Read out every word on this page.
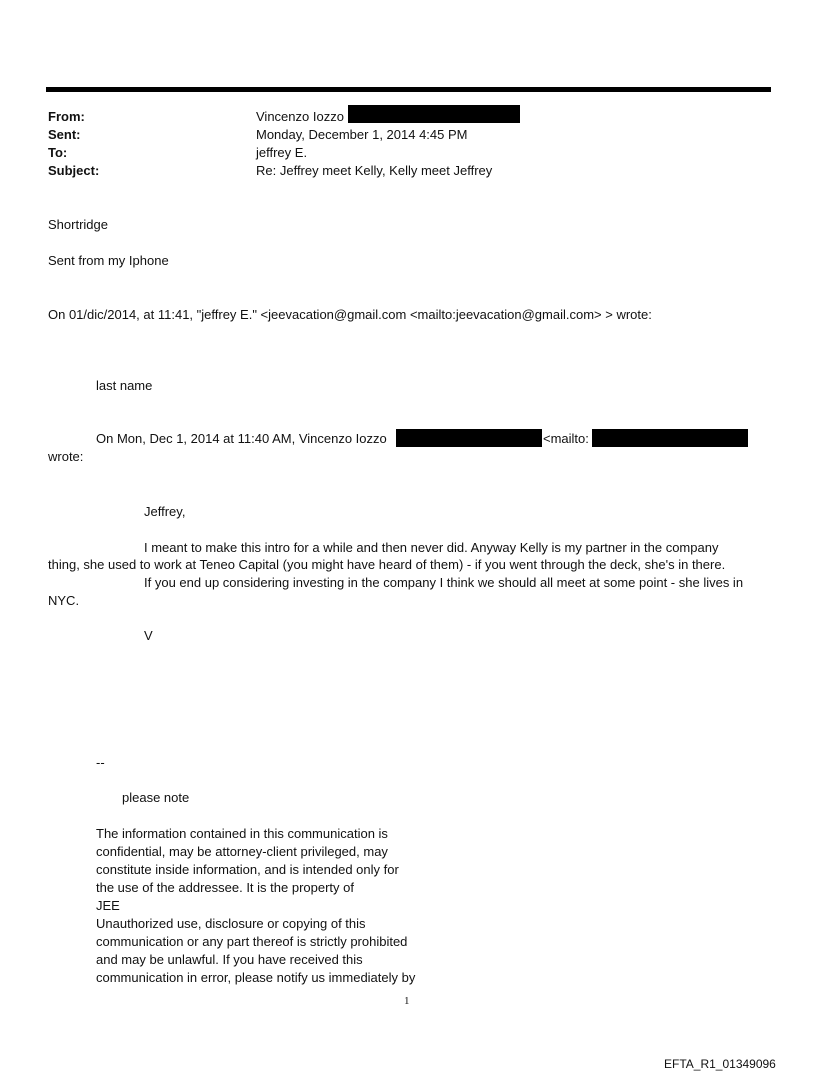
From:	Vincenzo Iozzo
Sent:	Monday, December 1, 2014 4:45 PM
To:	jeffrey E.
Subject:	Re: Jeffrey meet Kelly, Kelly meet Jeffrey
Shortridge
Sent from my Iphone
On 01/dic/2014, at 11:41, "jeffrey E." <jeevacation@gmail.com <mailto:jeevacation@gmail.com> > wrote:
last name
On Mon, Dec 1, 2014 at 11:40 AM, Vincenzo Iozzo	<mailto:
wrote:
Jeffrey,
I meant to make this intro for a while and then never did. Anyway Kelly is my partner in the company
thing, she used to work at Teneo Capital (you might have heard of them) - if you went through the deck, she's in there.
If you end up considering investing in the company I think we should all meet at some point - she lives in
NYC.
V
--
please note
The information contained in this communication is
confidential, may be attorney-client privileged, may
constitute inside information, and is intended only for
the use of the addressee. It is the property of
JEE
Unauthorized use, disclosure or copying of this
communication or any part thereof is strictly prohibited
and may be unlawful. If you have received this
communication in error, please notify us immediately by
1
EFTA_R1_01349096
